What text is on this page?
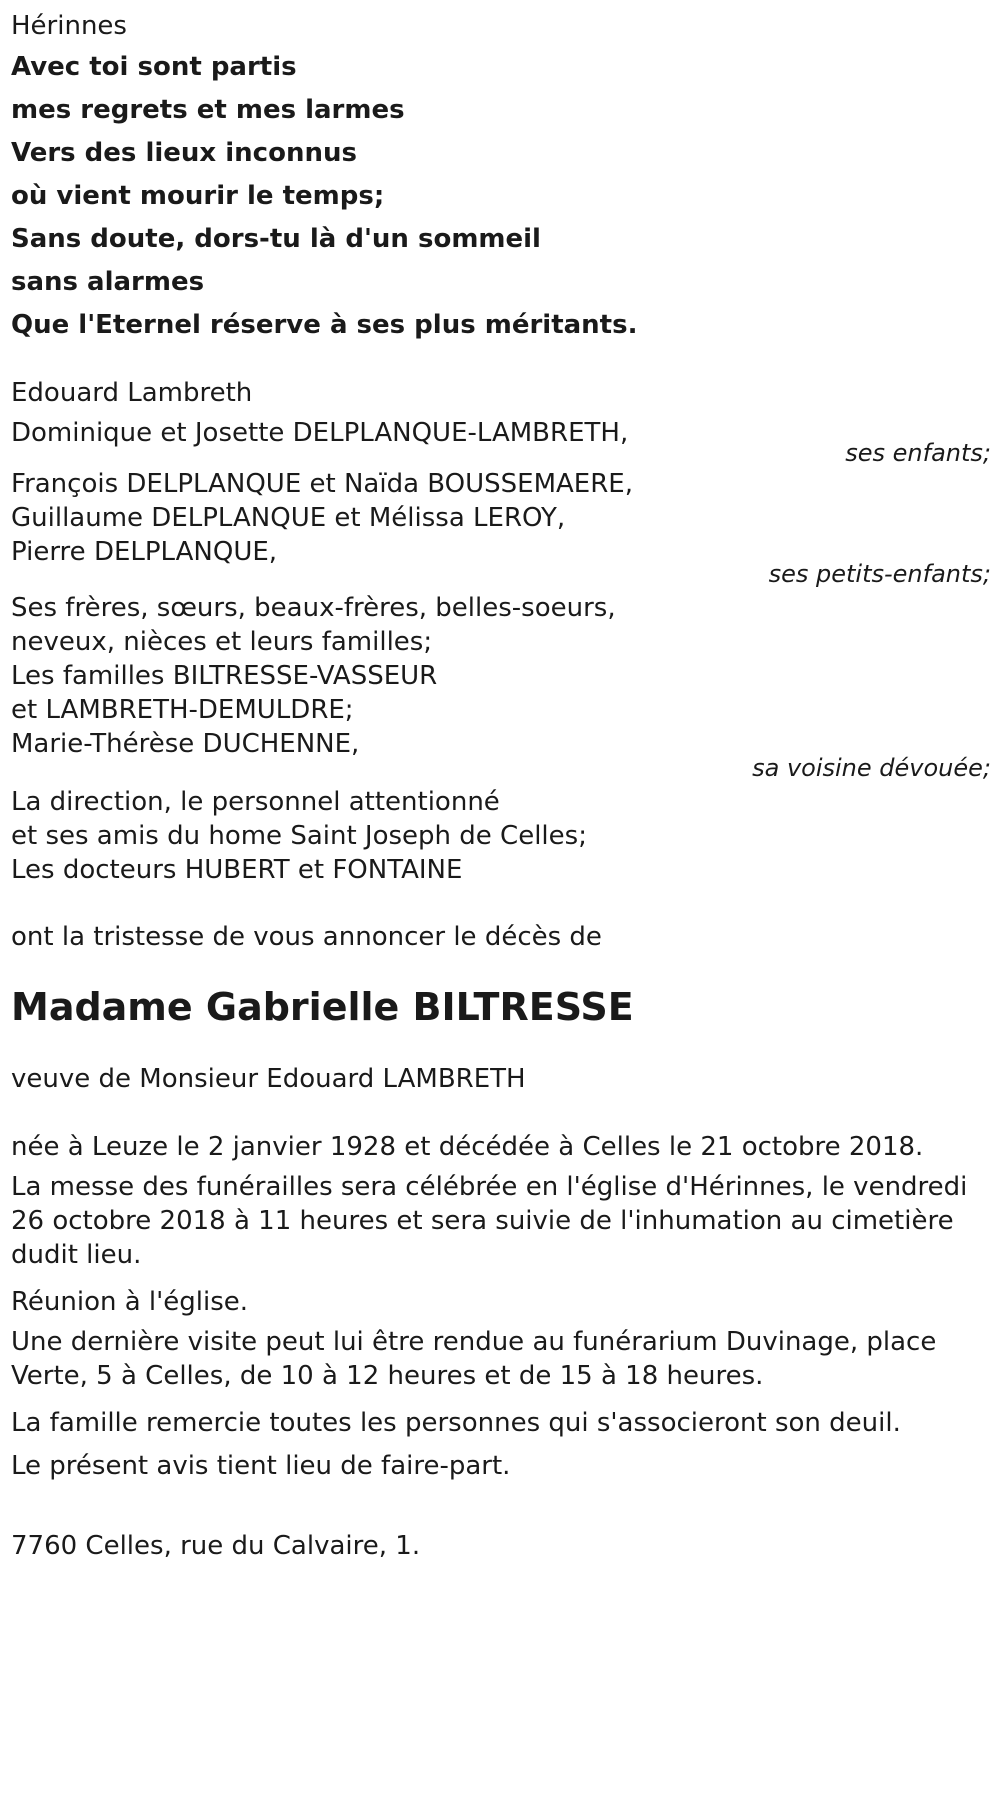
Hérinnes
Avec toi sont partis
mes regrets et mes larmes
Vers des lieux inconnus
où vient mourir le temps;
Sans doute, dors-tu là d'un sommeil
sans alarmes
Que l'Eternel réserve à ses plus méritants.
Edouard Lambreth
Dominique et Josette DELPLANQUE-LAMBRETH,
ses enfants;
François DELPLANQUE et Naïda BOUSSEMAERE,
Guillaume DELPLANQUE et Mélissa LEROY,
Pierre DELPLANQUE,
ses petits-enfants;
Ses frères, sœurs, beaux-frères, belles-soeurs,
neveux, nièces et leurs familles;
Les familles BILTRESSE-VASSEUR
et LAMBRETH-DEMULDRE;
Marie-Thérèse DUCHENNE,
sa voisine dévouée;
La direction, le personnel attentionné
et ses amis du home Saint Joseph de Celles;
Les docteurs HUBERT et FONTAINE
ont la tristesse de vous annoncer le décès de
Madame Gabrielle BILTRESSE
veuve de Monsieur Edouard LAMBRETH
née à Leuze le 2 janvier 1928 et décédée à Celles le 21 octobre 2018.
La messe des funérailles sera célébrée en l'église d'Hérinnes, le vendredi 26 octobre 2018 à 11 heures et sera suivie de l'inhumation au cimetière dudit lieu.
Réunion à l'église.
Une dernière visite peut lui être rendue au funérarium Duvinage, place Verte, 5 à Celles, de 10 à 12 heures et de 15 à 18 heures.
La famille remercie toutes les personnes qui s'associeront son deuil.
Le présent avis tient lieu de faire-part.
7760 Celles, rue du Calvaire, 1.
